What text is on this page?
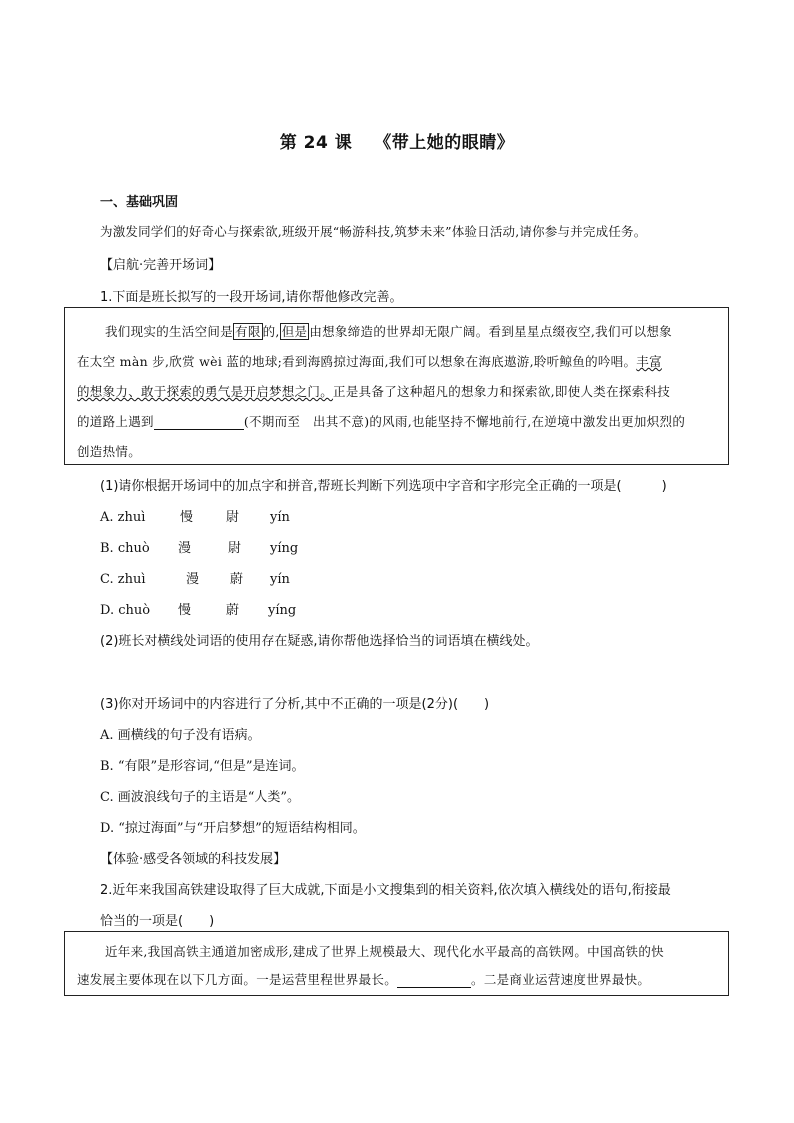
第 24 课 《带上她的眼睛》
一、基础巩固
为激发同学们的好奇心与探索欲,班级开展“畅游科技,筑梦未来”体验日活动,请你参与并完成任务。
【启航·完善开场词】
1.下面是班长拟写的一段开场词,请你帮他修改完善。
我们现实的生活空间是 有限 的, 但是 由想象缔造的世界却无限广阔。看到星星点缀夜空,我们可以想象
在太空 màn 步,欣赏 wèi 蓝的地球;看到海鸥掠过海面,我们可以想象在海底遨游,聆听鲸鱼的吟唱。丰富
的想象力、敢于探索的勇气是开启梦想之门。正是具备了这种超凡的想象力和探索欲,即使人类在探索科技
的道路上遇到	(不期而至　出其不意)的风雨,也能坚持不懈地前行,在逆境中激发出更加炽烈的
创造热情。
(1)请你根据开场词中的加点字和拼音,帮班长判断下列选项中字音和字形完全正确的一项是(	)
A. zhuì	慢	尉 yín
B. chuò 漫	尉 yíng
C. zhuì	漫 蔚 yín
D. chuò 慢	蔚 yíng
(2)班长对横线处词语的使用存在疑惑,请你帮他选择恰当的词语填在横线处。
(3)你对开场词中的内容进行了分析,其中不正确的一项是(2分)( )
A. 画横线的句子没有语病。
B. “有限”是形容词,“但是”是连词。
C. 画波浪线句子的主语是“人类”。
D. “掠过海面”与“开启梦想”的短语结构相同。
【体验·感受各领域的科技发展】
2.近年来我国高铁建设取得了巨大成就,下面是小文搜集到的相关资料,依次填入横线处的语句,衔接最
恰当的一项是( )
近年来,我国高铁主通道加密成形,建成了世界上规模最大、现代化水平最高的高铁网。中国高铁的快
速发展主要体现在以下几方面。一是运营里程世界最长。	。二是商业运营速度世界最快。
